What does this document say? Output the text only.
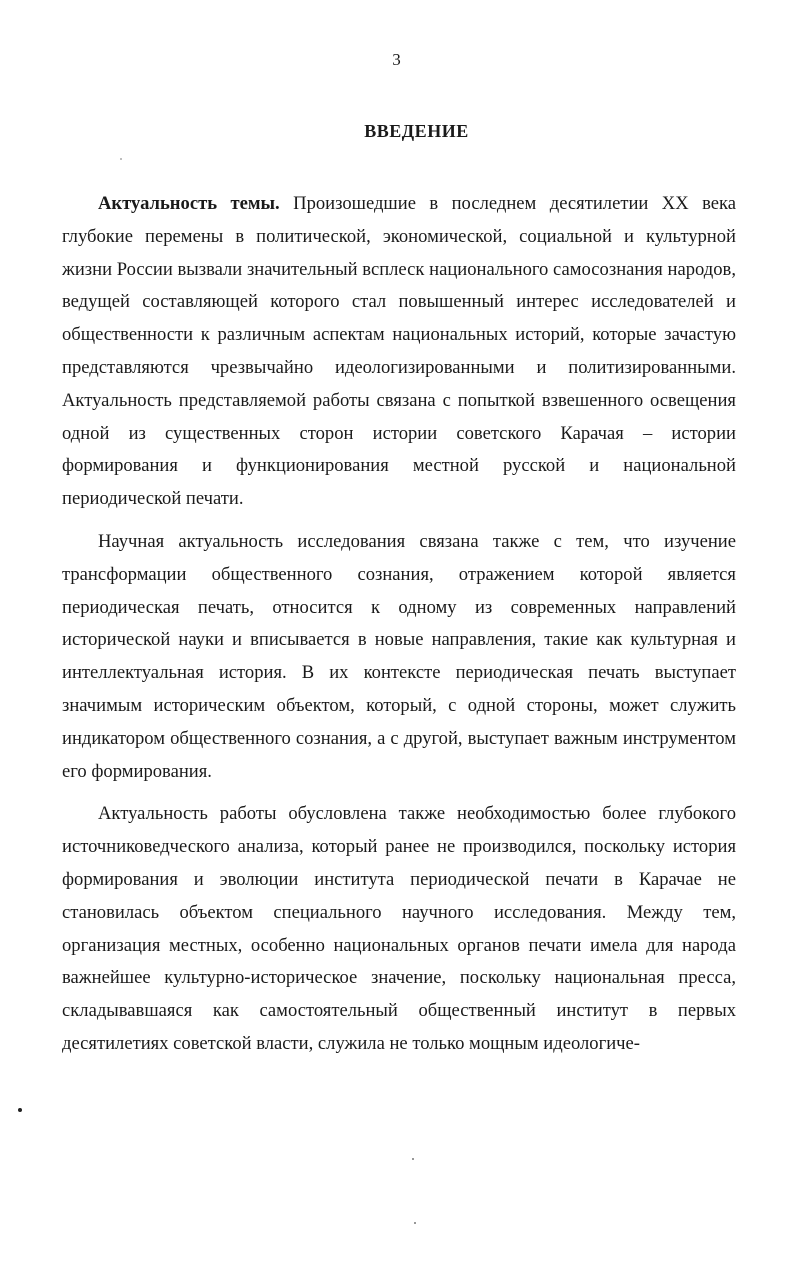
3
ВВЕДЕНИЕ

Актуальность темы. Произошедшие в последнем десятилетии XX века глубокие перемены в политической, экономической, социальной и культурной жизни России вызвали значительный всплеск национального самосознания народов, ведущей составляющей которого стал повышенный интерес исследователей и общественности к различным аспектам национальных историй, которые зачастую представляются чрезвычайно идеологизированными и политизированными. Актуальность представляемой работы связана с попыткой взвешенного освещения одной из существенных сторон истории советского Карачая – истории формирования и функционирования местной русской и национальной периодической печати.

Научная актуальность исследования связана также с тем, что изучение трансформации общественного сознания, отражением которой является периодическая печать, относится к одному из современных направлений исторической науки и вписывается в новые направления, такие как культурная и интеллектуальная история. В их контексте периодическая печать выступает значимым историческим объектом, который, с одной стороны, может служить индикатором общественного сознания, а с другой, выступает важным инструментом его формирования.

Актуальность работы обусловлена также необходимостью более глубокого источниковедческого анализа, который ранее не производился, поскольку история формирования и эволюции института периодической печати в Карачае не становилась объектом специального научного исследования. Между тем, организация местных, особенно национальных органов печати имела для народа важнейшее культурно-историческое значение, поскольку национальная пресса, складывавшаяся как самостоятельный общественный институт в первых десятилетиях советской власти, служила не только мощным идеологиче-
